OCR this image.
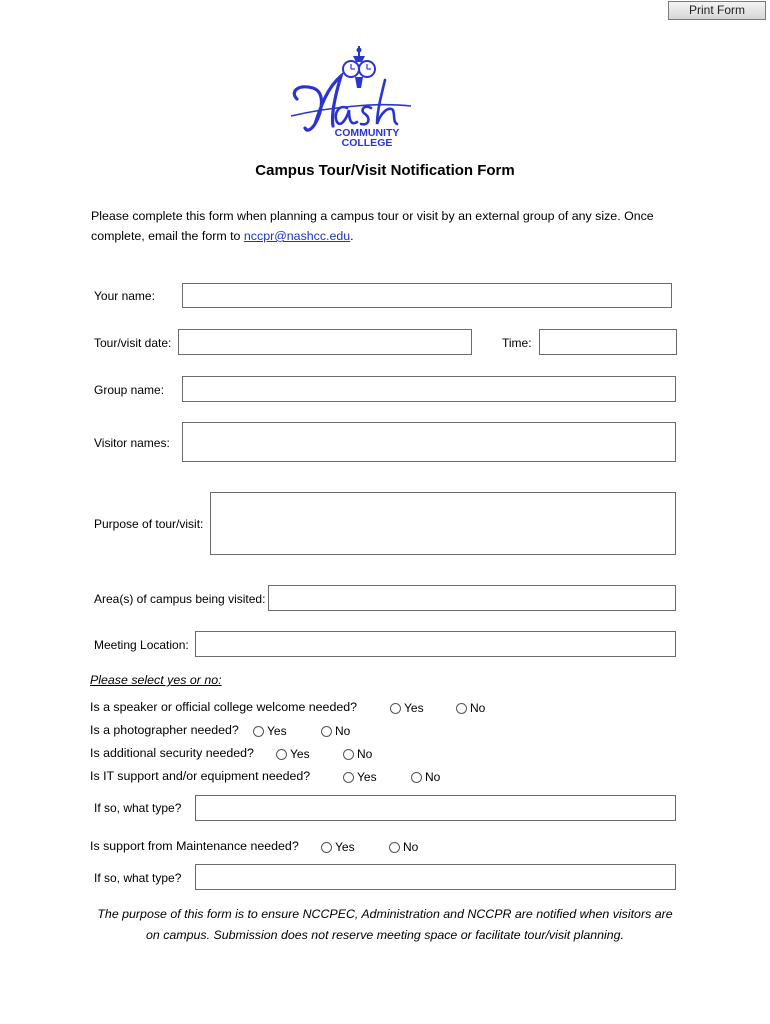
Print Form
COMMUNITY
COLLEGE
Campus Tour/Visit Notification Form
Please complete this form when planning a campus tour or visit by an external group of any size. Once complete, email the form to nccpr@nashcc.edu.
Your name:
Tour/visit date:	Time:
Group name:
Visitor names:
Purpose of tour/visit:
Area(s) of campus being visited:
Meeting Location:
Please select yes or no:
Is a speaker or official college welcome needed?	Yes	No
Is a photographer needed? Yes	No
Is additional security needed?	Yes	No
Is IT support and/or equipment needed?	Yes	No
If so, what type?
Is support from Maintenance needed?	Yes	No
If so, what type?
The purpose of this form is to ensure NCCPEC, Administration and NCCPR are notified when visitors are
on campus. Submission does not reserve meeting space or facilitate tour/visit planning.
